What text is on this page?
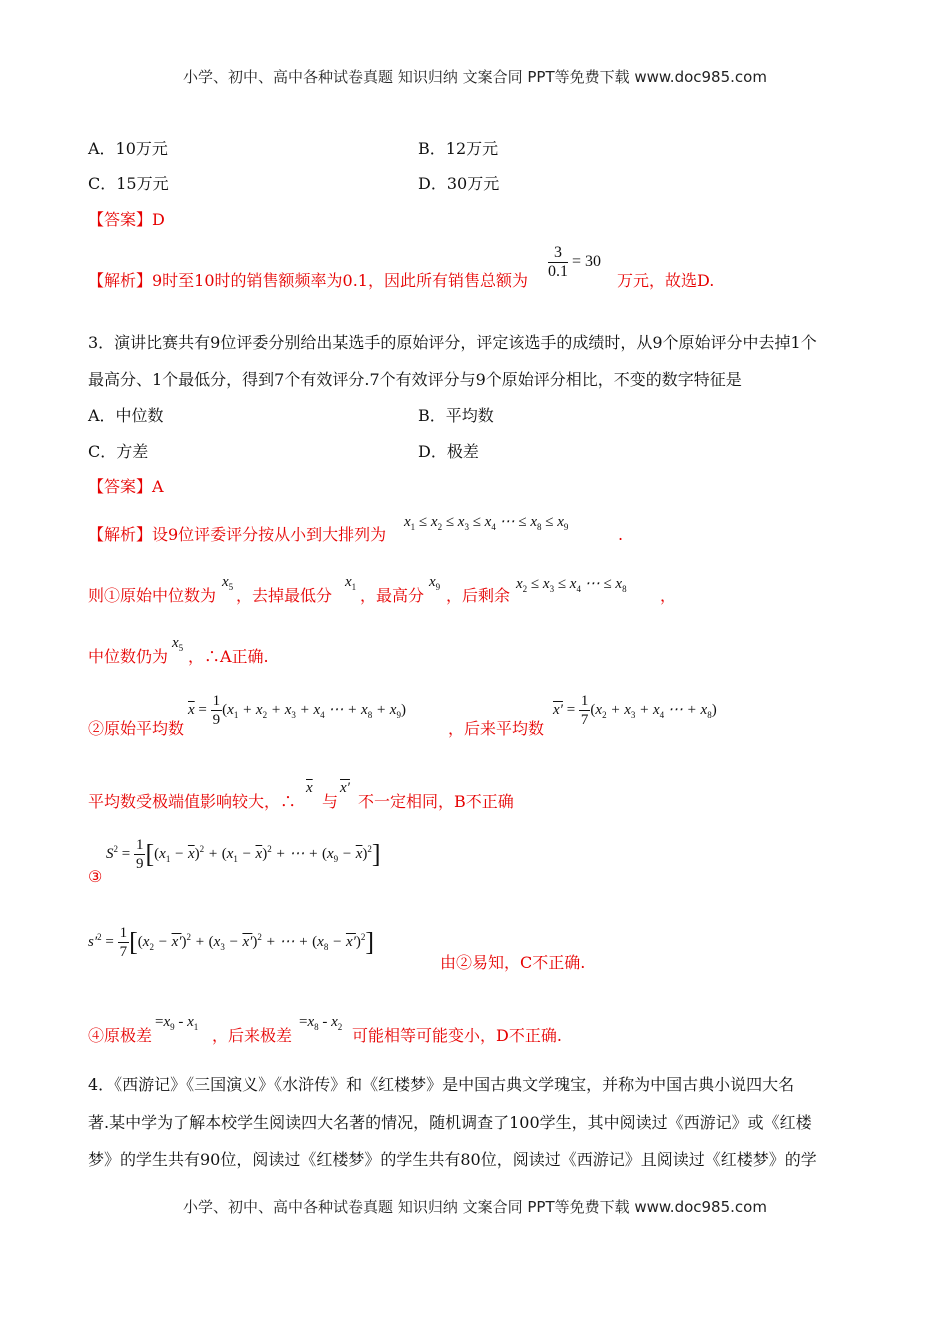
小学、初中、高中各种试卷真题 知识归纳 文案合同 PPT等免费下载 www.doc985.com
A．10万元	B．12万元
C．15万元	D．30万元
【答案】D
【解析】9时至10时的销售额频率为0.1，因此所有销售总额为 $\frac{3}{0.1} = 30$
万元，故选D.
3．演讲比赛共有9位评委分别给出某选手的原始评分，评定该选手的成绩时，从9个原始评分中去掉1个
最高分、1个最低分，得到7个有效评分.7个有效评分与9个原始评分相比，不变的数字特征是
A．中位数	B．平均数
C．方差	D．极差
【答案】A
【解析】设9位评委评分按从小到大排列为
$x_1 \le x_2 \le x_3 \le x_4$ ⋯ ≤ $x_8 \le x_9$	.
则①原始中位数为
$x_5$ ，去掉最低分
$x_1$ ，最高分
$x_9$ ，后剩余
$x_2 \le x_3 \le x_4$ ⋯ ≤ $x_8$ ，
中位数仍为
$x_5$ ，∴A正确.
②原始平均数
$\overline{x} = \frac{1}{9} (x_1 + x_2 + x_3 + x_4$ ⋯ + $x_8 + x_9$)
，后来平均数
$x' = \frac{1}{7} (x_2 + x_3 + x_4$ ⋯ + $x_8$)
平均数受极端值影响较大，∴
$\overline{x}$
与
x′
不一定相同，B不正确
$S^2 = \frac{1}{9} [(x_1 - \overline{x})^2 + (x_1 - \overline{x})^2$ + ⋯ + $(x_9 - \overline{x})^2$]
③
$s'^2 = \frac{1}{7} [(x_2 - x')^2 + (x_3 - x')^2$ + ⋯ + $(x_8 - x')^2$]
由②易知，C不正确.
④原极差
$=x_9 - x_1$ ，后来极差
$=x_8 - x_2$ 可能相等可能变小，D不正确.
4．《西游记》《三国演义》《水浒传》和《红楼梦》是中国古典文学瑰宝，并称为中国古典小说四大名
著.某中学为了解本校学生阅读四大名著的情况，随机调查了100学生，其中阅读过《西游记》或《红楼
梦》的学生共有90位，阅读过《红楼梦》的学生共有80位，阅读过《西游记》且阅读过《红楼梦》的学
小学、初中、高中各种试卷真题 知识归纳 文案合同 PPT等免费下载 www.doc985.com
